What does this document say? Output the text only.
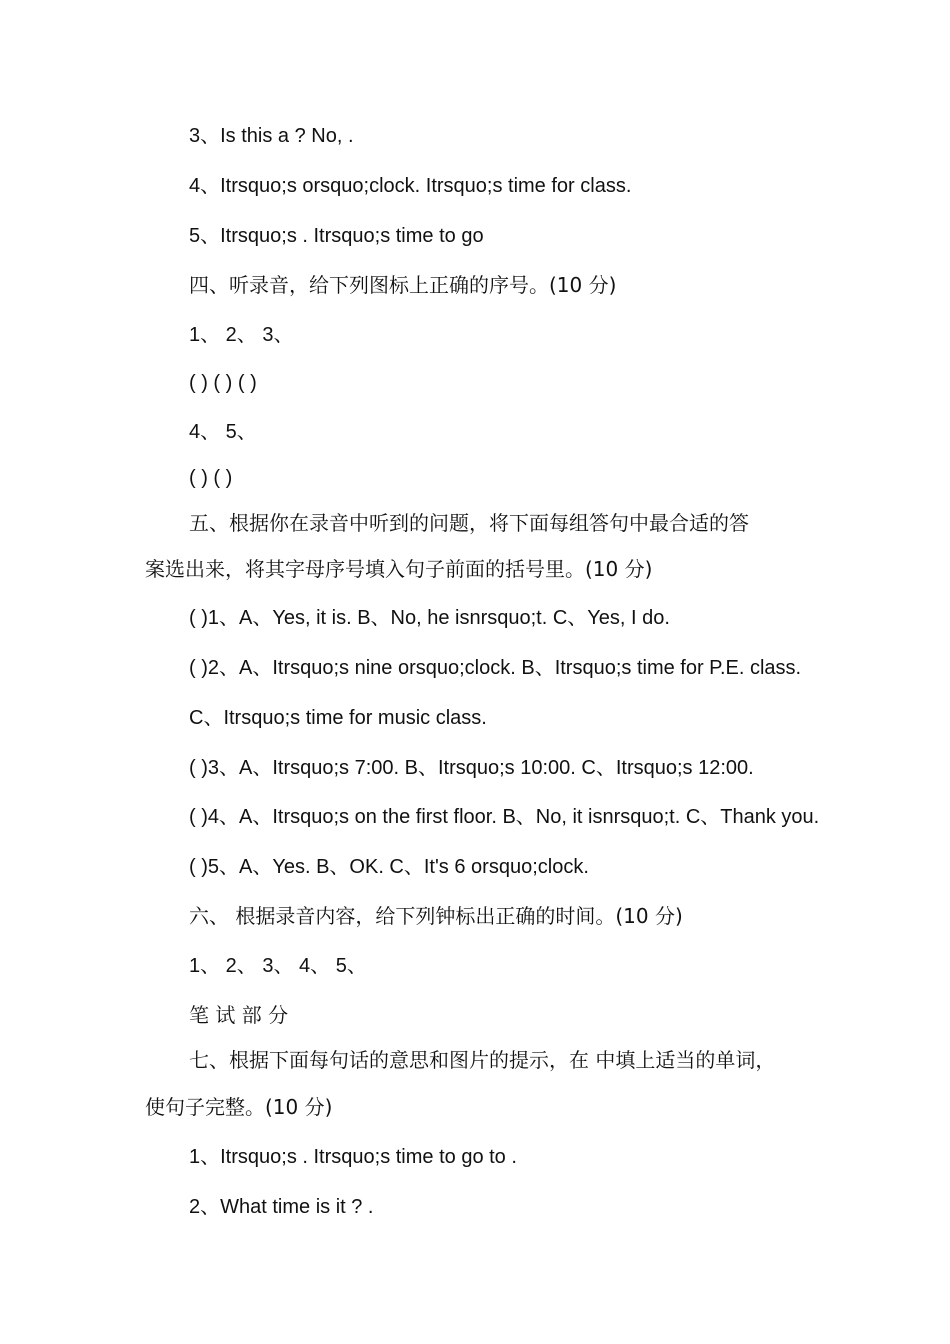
3、Is this a ? No, .
4、Itrsquo;s orsquo;clock. Itrsquo;s time for class.
5、Itrsquo;s . Itrsquo;s time to go
四、听录音，给下列图标上正确的序号。(10 分)
1、 2、 3、
( ) ( ) ( )
4、 5、
( ) ( )
五、根据你在录音中听到的问题，将下面每组答句中最合适的答
案选出来，将其字母序号填入句子前面的括号里。(10 分)
( )1、A、Yes, it is. B、No, he isnrsquo;t. C、Yes, I do.
( )2、A、Itrsquo;s nine orsquo;clock. B、Itrsquo;s time for P.E. class.
C、Itrsquo;s time for music class.
( )3、A、Itrsquo;s 7:00. B、Itrsquo;s 10:00. C、Itrsquo;s 12:00.
( )4、A、Itrsquo;s on the first floor. B、No, it isnrsquo;t. C、Thank you.
( )5、A、Yes. B、OK. C、It's 6 orsquo;clock.
六、 根据录音内容，给下列钟标出正确的时间。(10 分)
1、 2、 3、 4、 5、
笔 试 部 分
七、根据下面每句话的意思和图片的提示，在 中填上适当的单词，
使句子完整。(10 分)
1、Itrsquo;s . Itrsquo;s time to go to .
2、What time is it ? .
